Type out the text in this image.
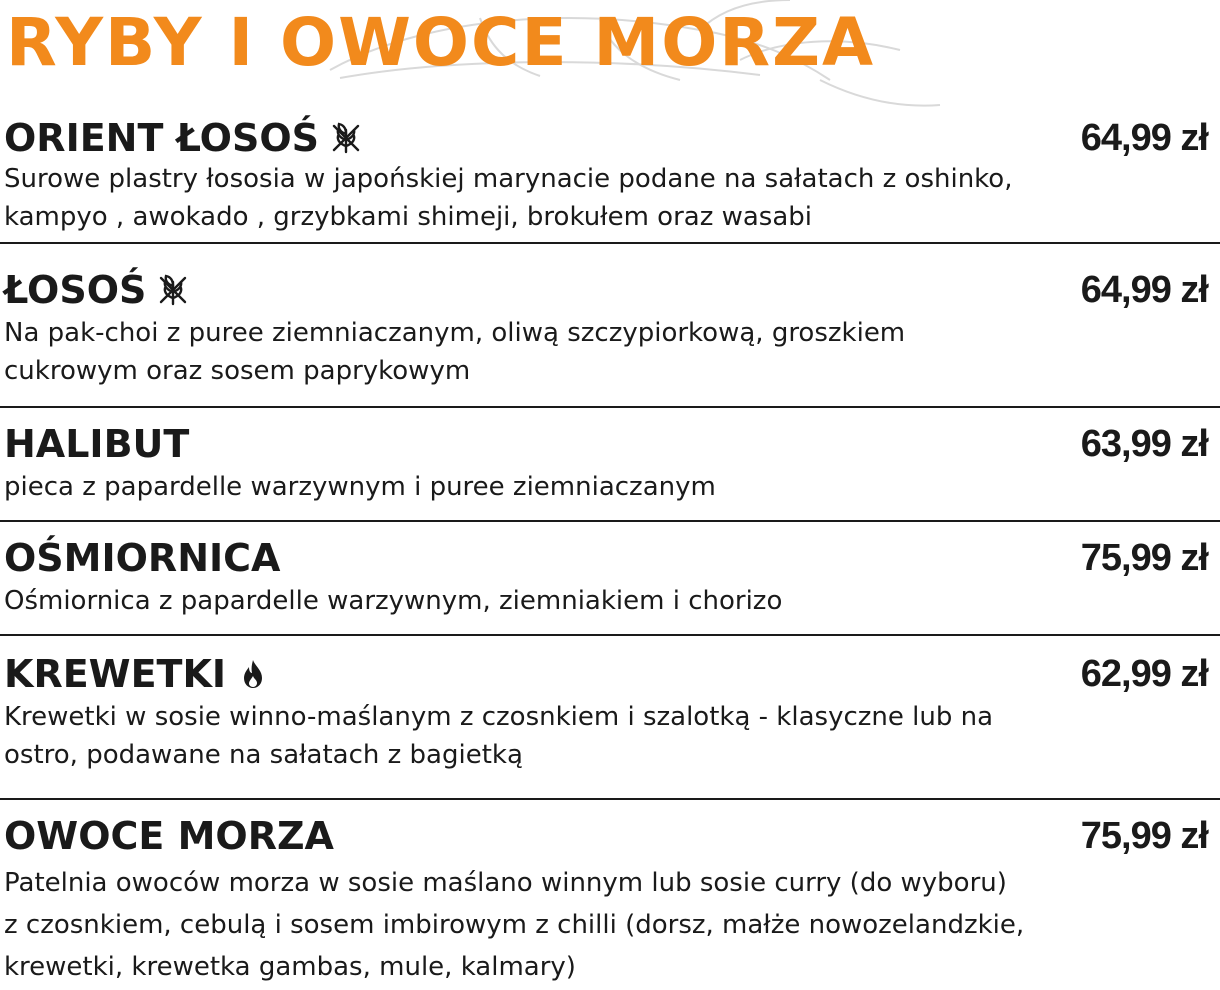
RYBY I OWOCE MORZA
ORIENT ŁOSOŚ	64,99 zł
Surowe plastry łososia w japońskiej marynacie podane na sałatach z oshinko,
kampyo , awokado , grzybkami shimeji, brokułem oraz wasabi
ŁOSOŚ	64,99 zł
Na pak-choi z puree ziemniaczanym, oliwą szczypiorkową, groszkiem
cukrowym oraz sosem paprykowym
HALIBUT	63,99 zł
pieca z papardelle warzywnym i puree ziemniaczanym
OŚMIORNICA	75,99 zł
Ośmiornica z papardelle warzywnym, ziemniakiem i chorizo
KREWETKI	62,99 zł
Krewetki w sosie winno-maślanym z czosnkiem i szalotką - klasyczne lub na
ostro, podawane na sałatach z bagietką
OWOCE MORZA	75,99 zł
Patelnia owoców morza w sosie maślano winnym lub sosie curry (do wyboru)
z czosnkiem, cebulą i sosem imbirowym z chilli (dorsz, małże nowozelandzkie,
krewetki, krewetka gambas, mule, kalmary)
